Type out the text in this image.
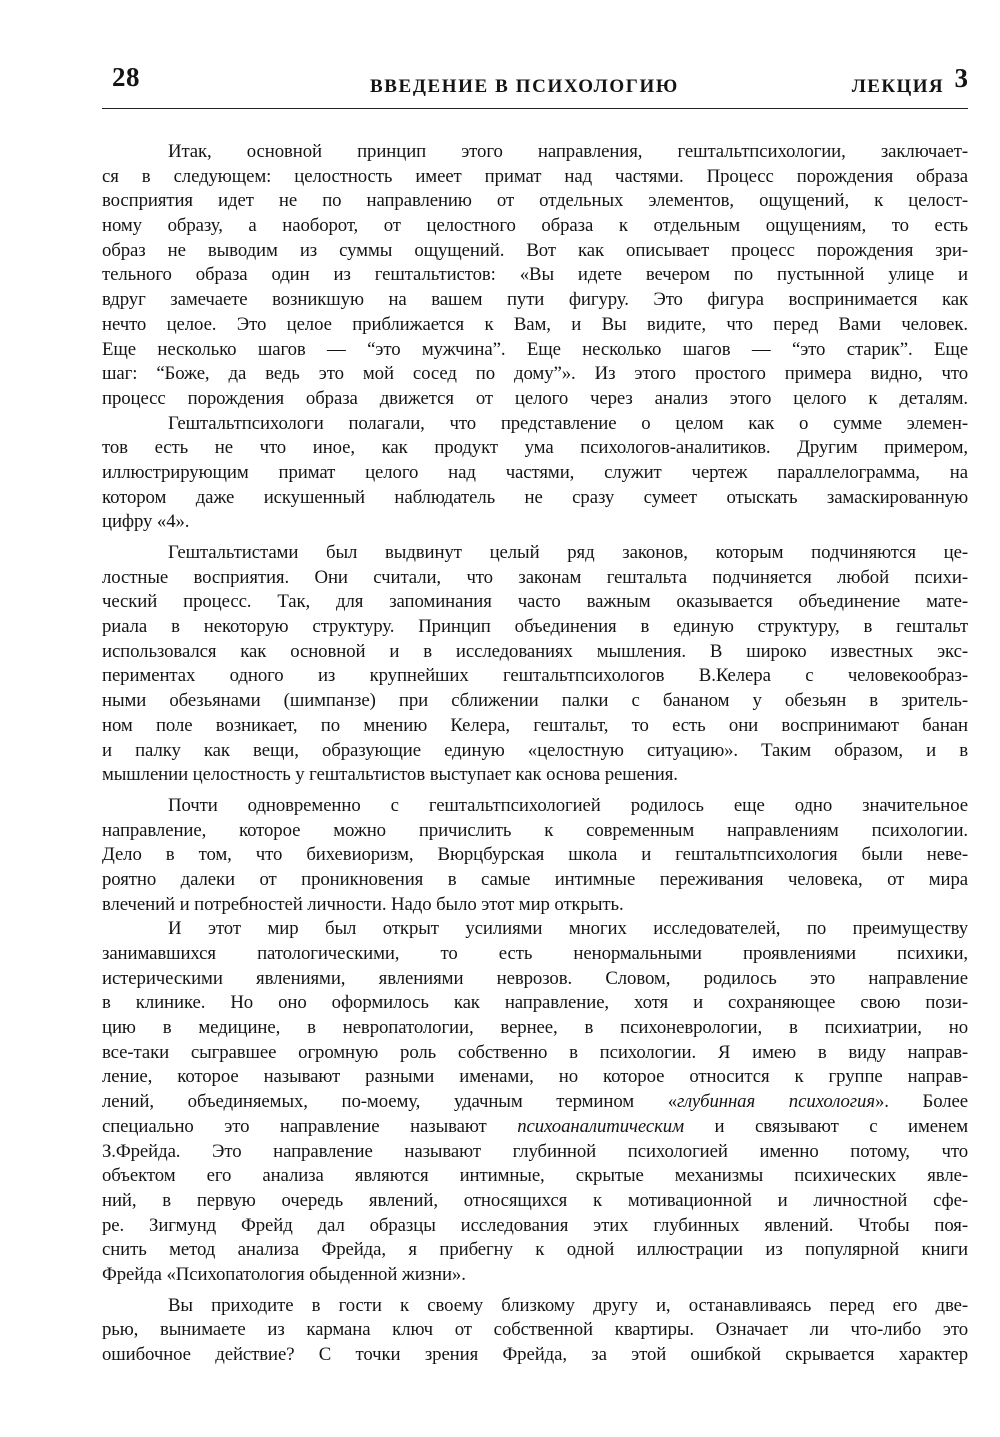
28	ВВЕДЕНИЕ В ПСИХОЛОГИЮ	ЛЕКЦИЯ 3
Итак, основной принцип этого направления, гештальтпсихологии, заключает-
ся в следующем: целостность имеет примат над частями. Процесс порождения образа
восприятия идет не по направлению от отдельных элементов, ощущений, к целост-
ному образу, а наоборот, от целостного образа к отдельным ощущениям, то есть
образ не выводим из суммы ощущений. Вот как описывает процесс порождения зри-
тельного образа один из гештальтистов: «Вы идете вечером по пустынной улице и
вдруг замечаете возникшую на вашем пути фигуру. Это фигура воспринимается как
нечто целое. Это целое приближается к Вам, и Вы видите, что перед Вами человек.
Еще несколько шагов — “это мужчина”. Еще несколько шагов — “это старик”. Еще
шаг: “Боже, да ведь это мой сосед по дому”». Из этого простого примера видно, что
процесс порождения образа движется от целого через анализ этого целого к деталям.
Гештальтпсихологи полагали, что представление о целом как о сумме элемен-
тов есть не что иное, как продукт ума психологов-аналитиков. Другим примером,
иллюстрирующим примат целого над частями, служит чертеж параллелограмма, на
котором даже искушенный наблюдатель не сразу сумеет отыскать замаскированную
цифру «4».
Гештальтистами был выдвинут целый ряд законов, которым подчиняются це-
лостные восприятия. Они считали, что законам гештальта подчиняется любой психи-
ческий процесс. Так, для запоминания часто важным оказывается объединение мате-
риала в некоторую структуру. Принцип объединения в единую структуру, в гештальт
использовался как основной и в исследованиях мышления. В широко известных экс-
периментах одного из крупнейших гештальтпсихологов В.Келера с человекообраз-
ными обезьянами (шимпанзе) при сближении палки с бананом у обезьян в зритель-
ном поле возникает, по мнению Келера, гештальт, то есть они воспринимают банан
и палку как вещи, образующие единую «целостную ситуацию». Таким образом, и в
мышлении целостность у гештальтистов выступает как основа решения.
Почти одновременно с гештальтпсихологией родилось еще одно значительное
направление, которое можно причислить к современным направлениям психологии.
Дело в том, что бихевиоризм, Вюрцбурская школа и гештальтпсихология были неве-
роятно далеки от проникновения в самые интимные переживания человека, от мира
влечений и потребностей личности. Надо было этот мир открыть.
И этот мир был открыт усилиями многих исследователей, по преимуществу
занимавшихся патологическими, то есть ненормальными проявлениями психики,
истерическими явлениями, явлениями неврозов. Словом, родилось это направление
в клинике. Но оно оформилось как направление, хотя и сохраняющее свою пози-
цию в медицине, в невропатологии, вернее, в психоневрологии, в психиатрии, но
все-таки сыгравшее огромную роль собственно в психологии. Я имею в виду направ-
ление, которое называют разными именами, но которое относится к группе направ-
лений, объединяемых, по-моему, удачным термином «глубинная психология». Более
специально это направление называют психоаналитическим и связывают с именем
З.Фрейда. Это направление называют глубинной психологией именно потому, что
объектом его анализа являются интимные, скрытые механизмы психических явле-
ний, в первую очередь явлений, относящихся к мотивационной и личностной сфе-
ре. Зигмунд Фрейд дал образцы исследования этих глубинных явлений. Чтобы поя-
снить метод анализа Фрейда, я прибегну к одной иллюстрации из популярной книги
Фрейда «Психопатология обыденной жизни».
Вы приходите в гости к своему близкому другу и, останавливаясь перед его две-
рью, вынимаете из кармана ключ от собственной квартиры. Означает ли что-либо это
ошибочное действие? С точки зрения Фрейда, за этой ошибкой скрывается характер
